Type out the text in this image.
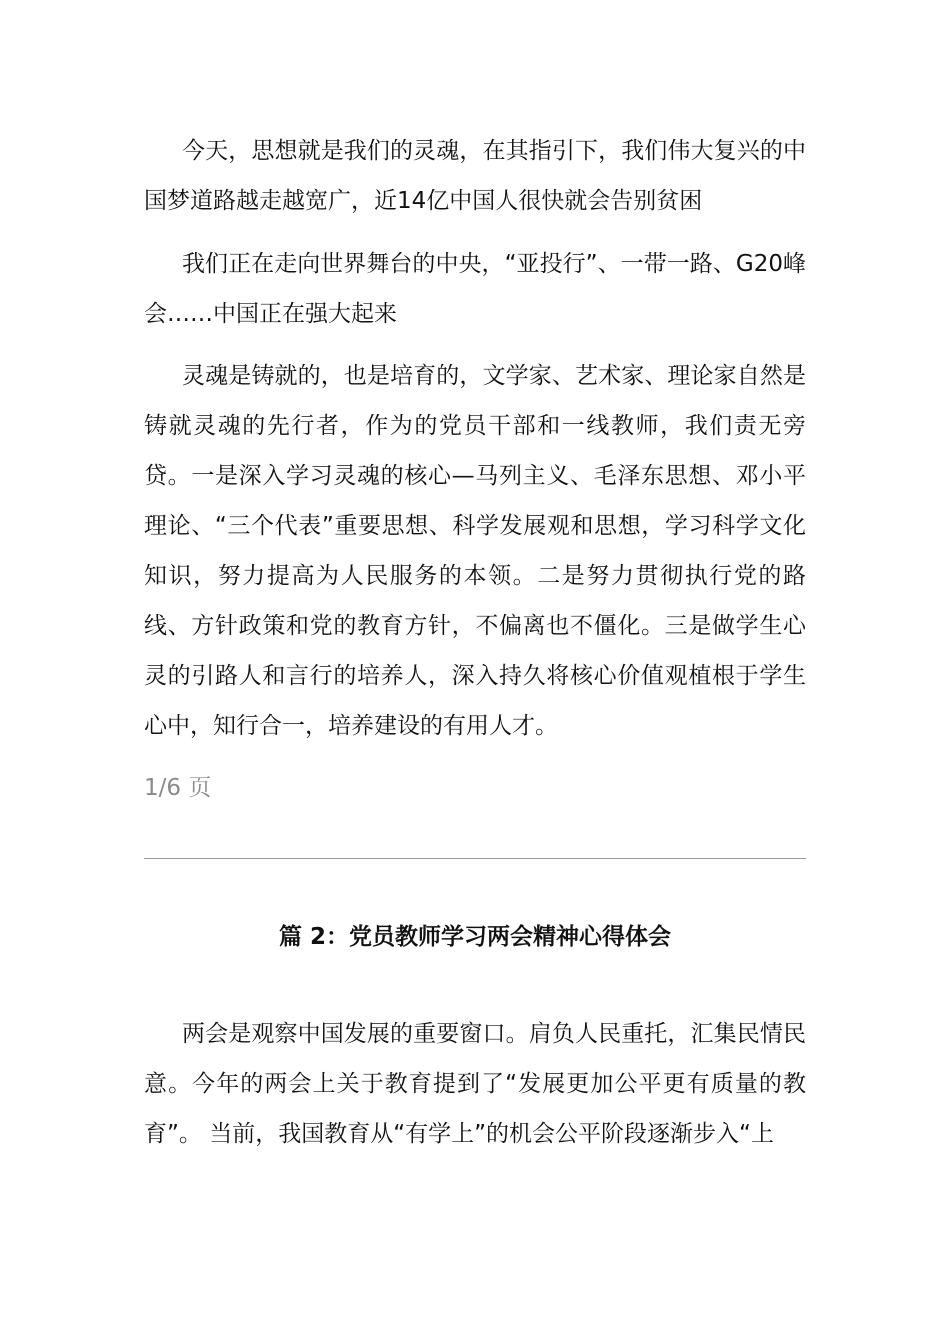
今天，思想就是我们的灵魂，在其指引下，我们伟大复兴的中国梦道路越走越宽广，近14亿中国人很快就会告别贫困

我们正在走向世界舞台的中央，“亚投行”、一带一路、G20峰会……中国正在强大起来

灵魂是铸就的，也是培育的，文学家、艺术家、理论家自然是铸就灵魂的先行者，作为的党员干部和一线教师，我们责无旁贷。一是深入学习灵魂的核心—马列主义、毛泽东思想、邓小平理论、“三个代表”重要思想、科学发展观和思想，学习科学文化知识，努力提高为人民服务的本领。二是努力贯彻执行党的路线、方针政策和党的教育方针，不偏离也不僵化。三是做学生心灵的引路人和言行的培养人，深入持久将核心价值观植根于学生心中，知行合一，培养建设的有用人才。

1/6 页

篇 2：党员教师学习两会精神心得体会

两会是观察中国发展的重要窗口。肩负人民重托，汇集民情民意。今年的两会上关于教育提到了“发展更加公平更有质量的教育”。 当前，我国教育从“有学上”的机会公平阶段逐渐步入“上
